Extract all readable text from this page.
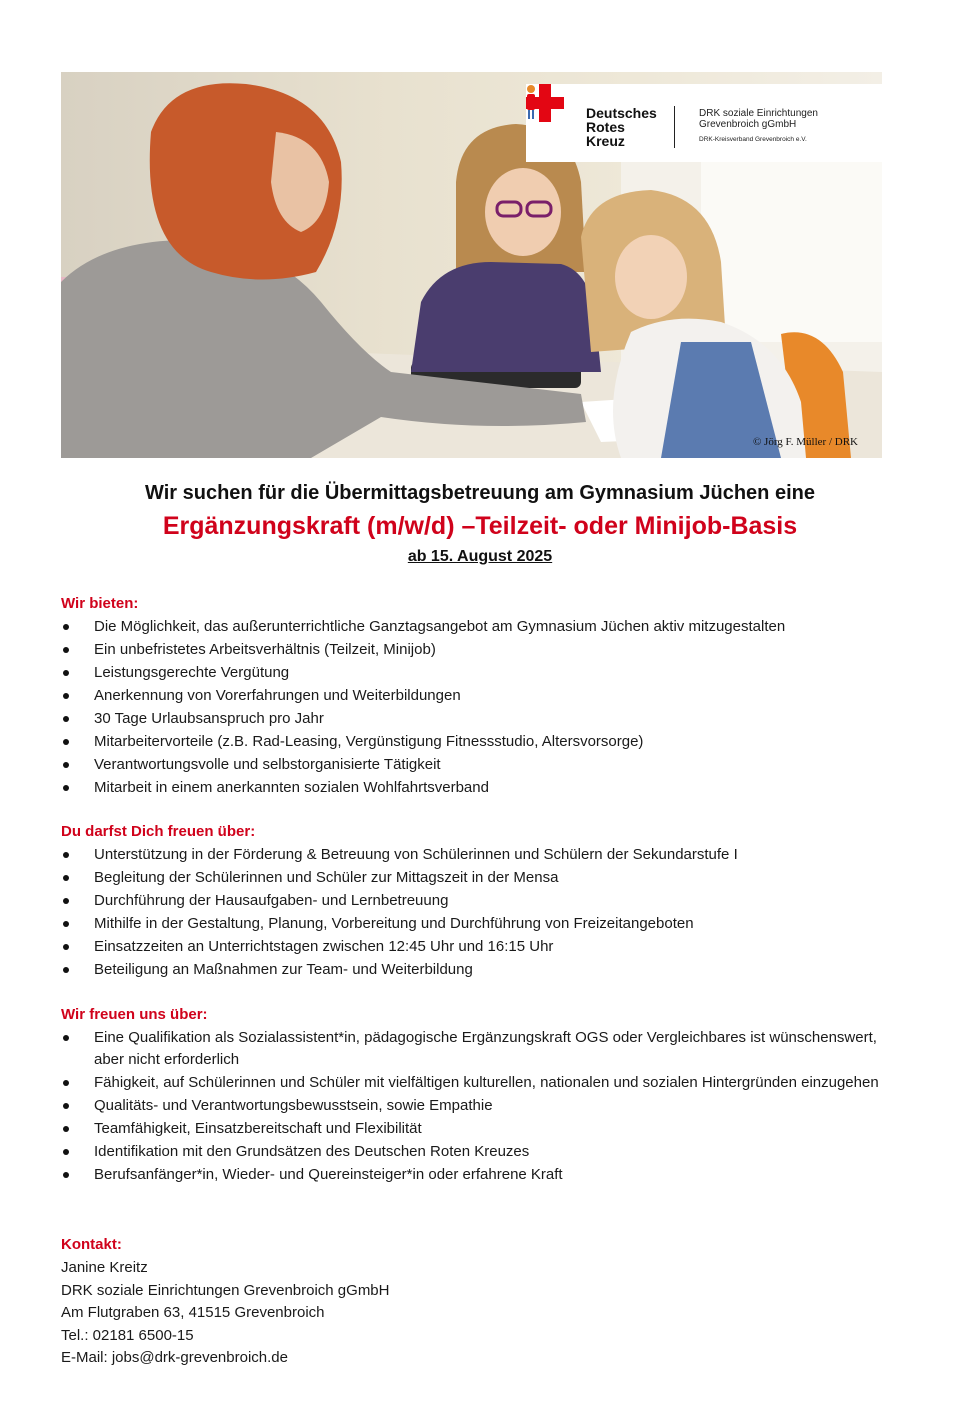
Deutsches
Rotes
Kreuz
DRK soziale Einrichtungen
Grevenbroich gGmbH
DRK-Kreisverband Grevenbroich e.V.
© Jörg F. Müller / DRK
Wir suchen für die Übermittagsbetreuung am Gymnasium Jüchen eine
Ergänzungskraft (m/w/d) –Teilzeit- oder Minijob-Basis
ab 15. August 2025
Wir bieten:
Die Möglichkeit, das außerunterrichtliche Ganztagsangebot am Gymnasium Jüchen aktiv mitzugestalten
Ein unbefristetes Arbeitsverhältnis (Teilzeit, Minijob)
Leistungsgerechte Vergütung
Anerkennung von Vorerfahrungen und Weiterbildungen
30 Tage Urlaubsanspruch pro Jahr
Mitarbeitervorteile (z.B. Rad-Leasing, Vergünstigung Fitnessstudio, Altersvorsorge)
Verantwortungsvolle und selbstorganisierte Tätigkeit
Mitarbeit in einem anerkannten sozialen Wohlfahrtsverband
Du darfst Dich freuen über:
Unterstützung in der Förderung & Betreuung von Schülerinnen und Schülern der Sekundarstufe I
Begleitung der Schülerinnen und Schüler zur Mittagszeit in der Mensa
Durchführung der Hausaufgaben- und Lernbetreuung
Mithilfe in der Gestaltung, Planung, Vorbereitung und Durchführung von Freizeitangeboten
Einsatzzeiten an Unterrichtstagen zwischen 12:45 Uhr und 16:15 Uhr
Beteiligung an Maßnahmen zur Team- und Weiterbildung
Wir freuen uns über:
Eine Qualifikation als Sozialassistent*in, pädagogische Ergänzungskraft OGS oder Vergleichbares ist wünschenswert, aber nicht erforderlich
Fähigkeit, auf Schülerinnen und Schüler mit vielfältigen kulturellen, nationalen und sozialen Hintergründen einzugehen
Qualitäts- und Verantwortungsbewusstsein, sowie Empathie
Teamfähigkeit, Einsatzbereitschaft und Flexibilität
Identifikation mit den Grundsätzen des Deutschen Roten Kreuzes
Berufsanfänger*in, Wieder- und Quereinsteiger*in oder erfahrene Kraft
Kontakt:
Janine Kreitz
DRK soziale Einrichtungen Grevenbroich gGmbH
Am Flutgraben 63, 41515 Grevenbroich
Tel.: 02181 6500-15
E-Mail: jobs@drk-grevenbroich.de
